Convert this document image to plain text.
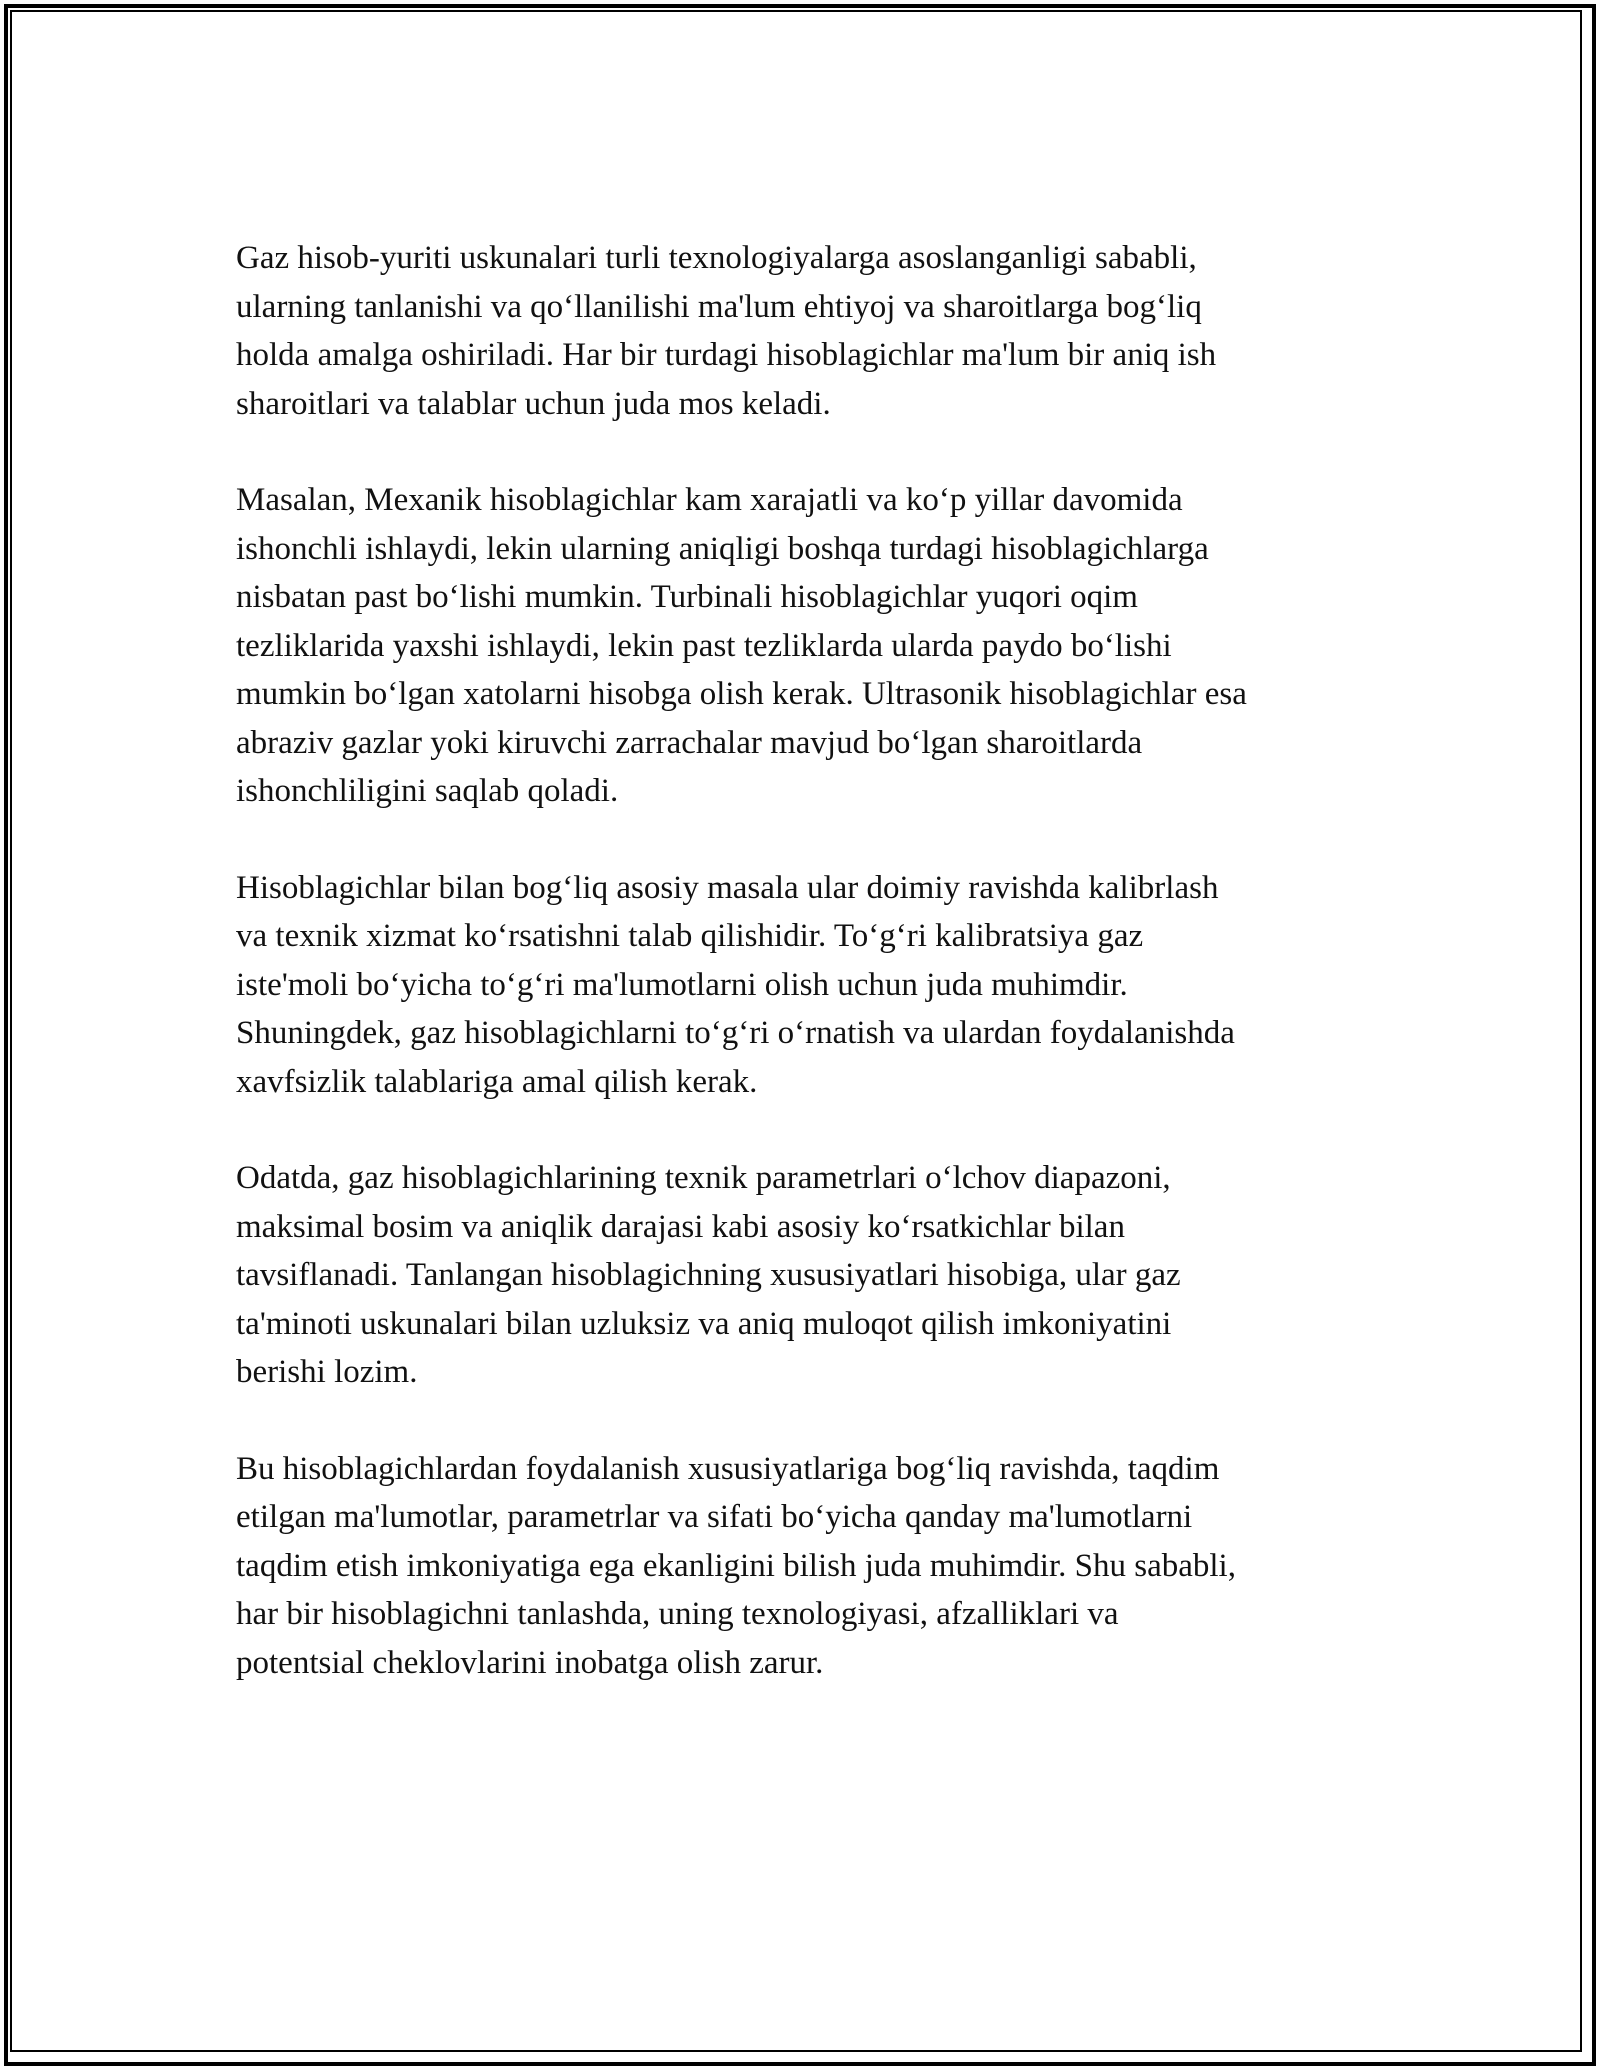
Gaz hisob-yuriti uskunalari turli texnologiyalarga asoslanganligi sababli,
ularning tanlanishi va qo‘llanilishi ma'lum ehtiyoj va sharoitlarga bog‘liq
holda amalga oshiriladi. Har bir turdagi hisoblagichlar ma'lum bir aniq ish
sharoitlari va talablar uchun juda mos keladi.

Masalan, Mexanik hisoblagichlar kam xarajatli va ko‘p yillar davomida
ishonchli ishlaydi, lekin ularning aniqligi boshqa turdagi hisoblagichlarga
nisbatan past bo‘lishi mumkin. Turbinali hisoblagichlar yuqori oqim
tezliklarida yaxshi ishlaydi, lekin past tezliklarda ularda paydo bo‘lishi
mumkin bo‘lgan xatolarni hisobga olish kerak. Ultrasonik hisoblagichlar esa
abraziv gazlar yoki kiruvchi zarrachalar mavjud bo‘lgan sharoitlarda
ishonchliligini saqlab qoladi.

Hisoblagichlar bilan bog‘liq asosiy masala ular doimiy ravishda kalibrlash
va texnik xizmat ko‘rsatishni talab qilishidir. To‘g‘ri kalibratsiya gaz
iste'moli bo‘yicha to‘g‘ri ma'lumotlarni olish uchun juda muhimdir.
Shuningdek, gaz hisoblagichlarni to‘g‘ri o‘rnatish va ulardan foydalanishda
xavfsizlik talablariga amal qilish kerak.

Odatda, gaz hisoblagichlarining texnik parametrlari o‘lchov diapazoni,
maksimal bosim va aniqlik darajasi kabi asosiy ko‘rsatkichlar bilan
tavsiflanadi. Tanlangan hisoblagichning xususiyatlari hisobiga, ular gaz
ta'minoti uskunalari bilan uzluksiz va aniq muloqot qilish imkoniyatini
berishi lozim.

Bu hisoblagichlardan foydalanish xususiyatlariga bog‘liq ravishda, taqdim
etilgan ma'lumotlar, parametrlar va sifati bo‘yicha qanday ma'lumotlarni
taqdim etish imkoniyatiga ega ekanligini bilish juda muhimdir. Shu sababli,
har bir hisoblagichni tanlashda, uning texnologiyasi, afzalliklari va
potentsial cheklovlarini inobatga olish zarur.
